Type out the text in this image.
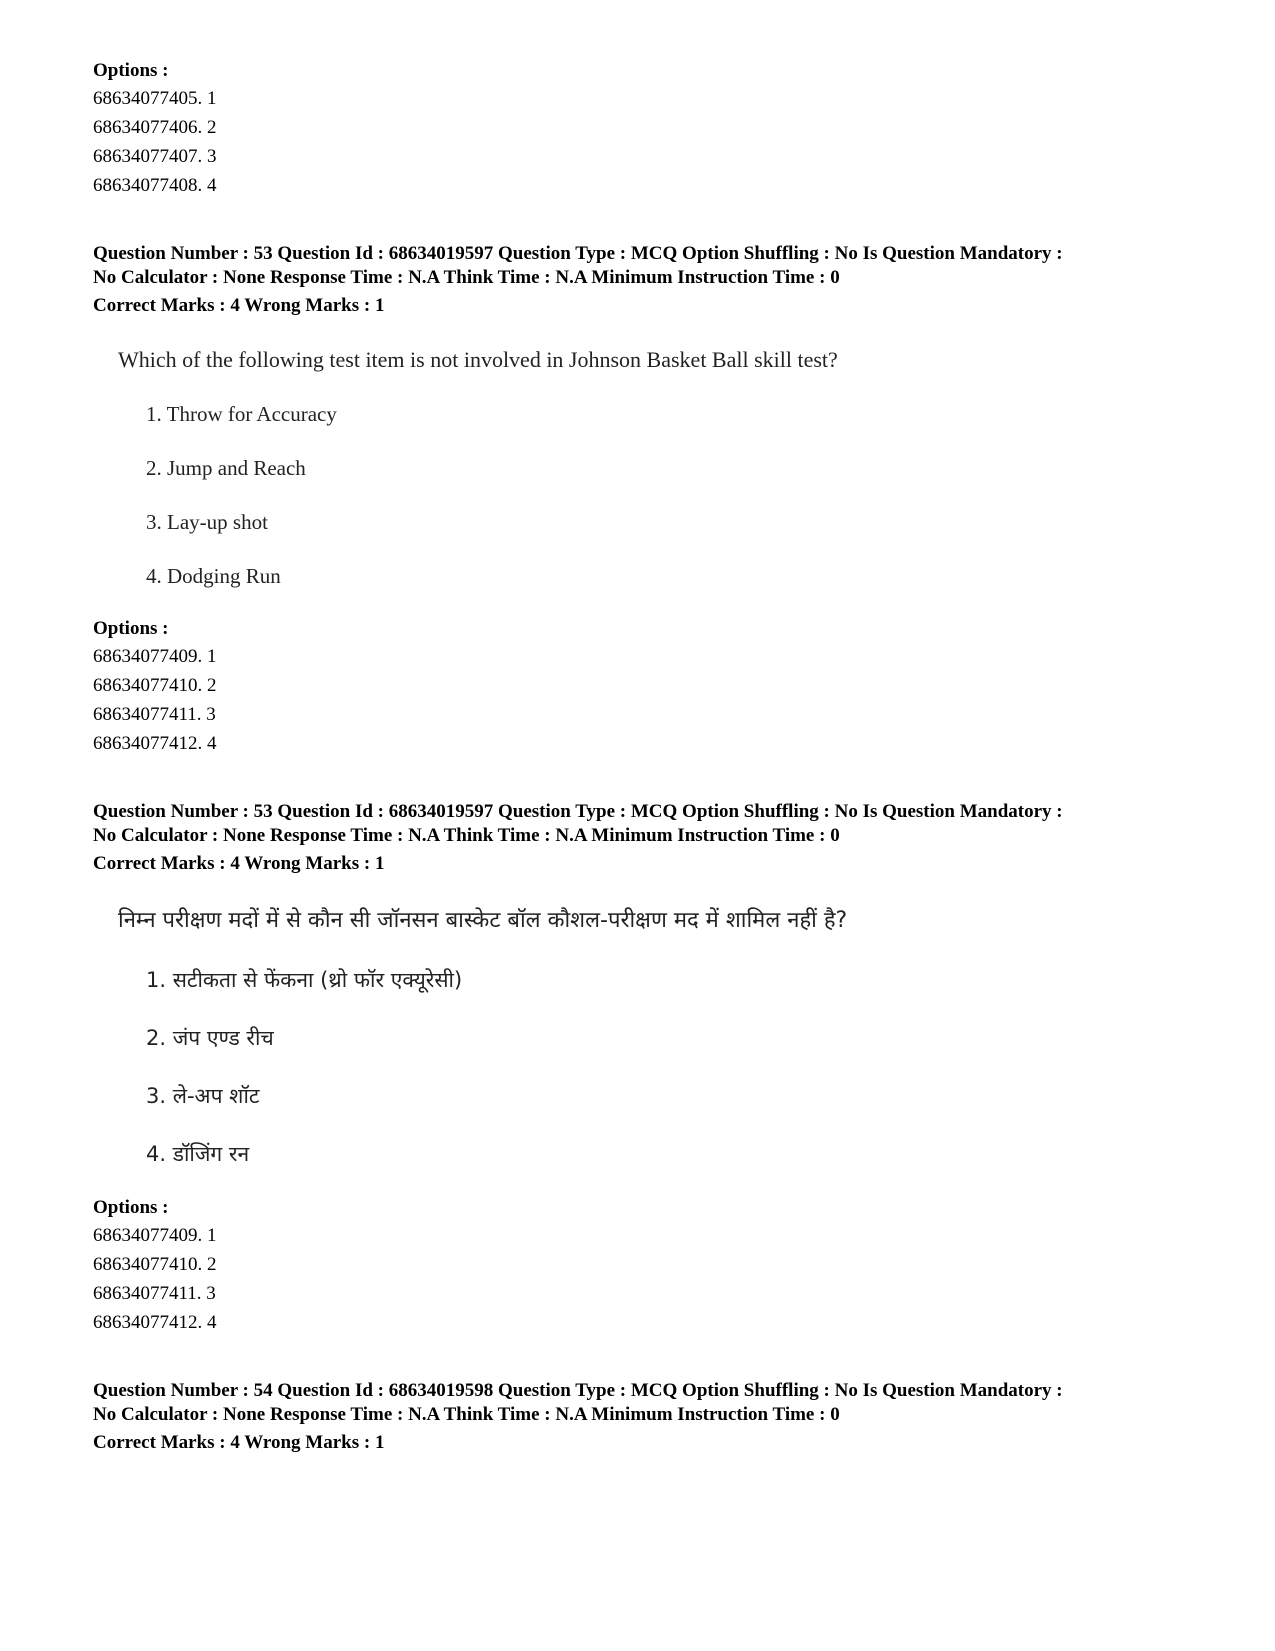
Options :
68634077405. 1
68634077406. 2
68634077407. 3
68634077408. 4
Question Number : 53 Question Id : 68634019597 Question Type : MCQ Option Shuffling : No Is Question Mandatory :
No Calculator : None Response Time : N.A Think Time : N.A Minimum Instruction Time : 0
Correct Marks : 4 Wrong Marks : 1
Which of the following test item is not involved in Johnson Basket Ball skill test?
1. Throw for Accuracy
2. Jump and Reach
3. Lay-up shot
4. Dodging Run
Options :
68634077409. 1
68634077410. 2
68634077411. 3
68634077412. 4
Question Number : 53 Question Id : 68634019597 Question Type : MCQ Option Shuffling : No Is Question Mandatory :
No Calculator : None Response Time : N.A Think Time : N.A Minimum Instruction Time : 0
Correct Marks : 4 Wrong Marks : 1
निम्न परीक्षण मदों में से कौन सी जॉनसन बास्केट बॉल कौशल-परीक्षण मद में शामिल नहीं है?
1. सटीकता से फेंकना (थ्रो फॉर एक्यूरेसी)
2. जंप एण्ड रीच
3. ले-अप शॉट
4. डॉजिंग रन
Options :
68634077409. 1
68634077410. 2
68634077411. 3
68634077412. 4
Question Number : 54 Question Id : 68634019598 Question Type : MCQ Option Shuffling : No Is Question Mandatory :
No Calculator : None Response Time : N.A Think Time : N.A Minimum Instruction Time : 0
Correct Marks : 4 Wrong Marks : 1
